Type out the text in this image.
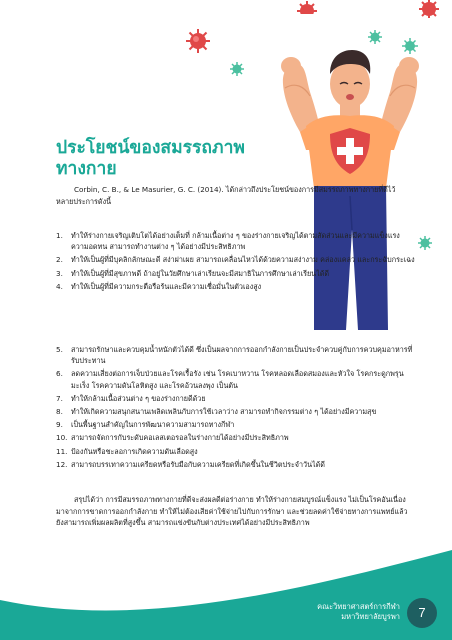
ประโยชน์ของสมรรถภาพ
ทางกาย

Corbin, C. B., & Le Masurier, G. C. (2014). ได้กล่าวถึงประโยชน์ของการมีสมรรถภาพทางกายที่ดีไว้หลายประการดังนี้

1. ทำให้ร่างกายเจริญเติบโตได้อย่างเต็มที่ กล้ามเนื้อต่าง ๆ ของร่างกายเจริญได้ตามสัดส่วนและมีความแข็งแรง ความอดทน สามารถทำงานต่าง ๆ ได้อย่างมีประสิทธิภาพ
2. ทำให้เป็นผู้ที่มีบุคลิกลักษณะดี สง่าผ่าเผย สามารถเคลื่อนไหวได้ด้วยความสง่างาม คล่องแคล่ว และกระฉับกระเฉง
3. ทำให้เป็นผู้ที่มีสุขภาพดี ถ้าอยู่ในวัยศึกษาเล่าเรียนจะมีสมาธิในการศึกษาเล่าเรียนได้ดี
4. ทำให้เป็นผู้ที่มีความกระตือรือร้นและมีความเชื่อมั่นในตัวเองสูง
5. สามารถรักษาและควบคุมน้ำหนักตัวได้ดี ซึ่งเป็นผลจากการออกกำลังกายเป็นประจำควบคู่กับการควบคุมอาหารที่รับประทาน
6. ลดความเสี่ยงต่อการเจ็บป่วยและโรคเรื้อรัง เช่น โรคเบาหวาน โรคหลอดเลือดสมองและหัวใจ โรคกระดูกพรุน มะเร็ง โรคความดันโลหิตสูง และโรคอ้วนลงพุง เป็นต้น
7. ทำให้กล้ามเนื้อส่วนต่าง ๆ ของร่างกายดีด้วย
8. ทำให้เกิดความสนุกสนานเพลิดเพลินกับการใช้เวลาว่าง สามารถทำกิจกรรมต่าง ๆ ได้อย่างมีความสุข
9. เป็นพื้นฐานสำคัญในการพัฒนาความสามารถทางกีฬา
10. สามารถจัดการกับระดับคอเลสเตอรอลในร่างกายได้อย่างมีประสิทธิภาพ
11. ป้องกันหรือชะลอการเกิดความดันเลือดสูง
12. สามารถบรรเทาความเครียดหรือรับมือกับความเครียดที่เกิดขึ้นในชีวิตประจำวันได้ดี

สรุปได้ว่า การมีสมรรถภาพทางกายที่ดีจะส่งผลดีต่อร่างกาย ทำให้ร่างกายสมบูรณ์แข็งแรง ไม่เป็นโรคอันเนื่องมาจากการขาดการออกกำลังกาย ทำให้ไม่ต้องเสียค่าใช้จ่ายไปกับการรักษา และช่วยลดค่าใช้จ่ายทางการแพทย์แล้วยังสามารถเพิ่มผลผลิตที่สูงขึ้น สามารถแข่งขันกับต่างประเทศได้อย่างมีประสิทธิภาพ

คณะวิทยาศาสตร์การกีฬา
มหาวิทยาลัยบูรพา	7
